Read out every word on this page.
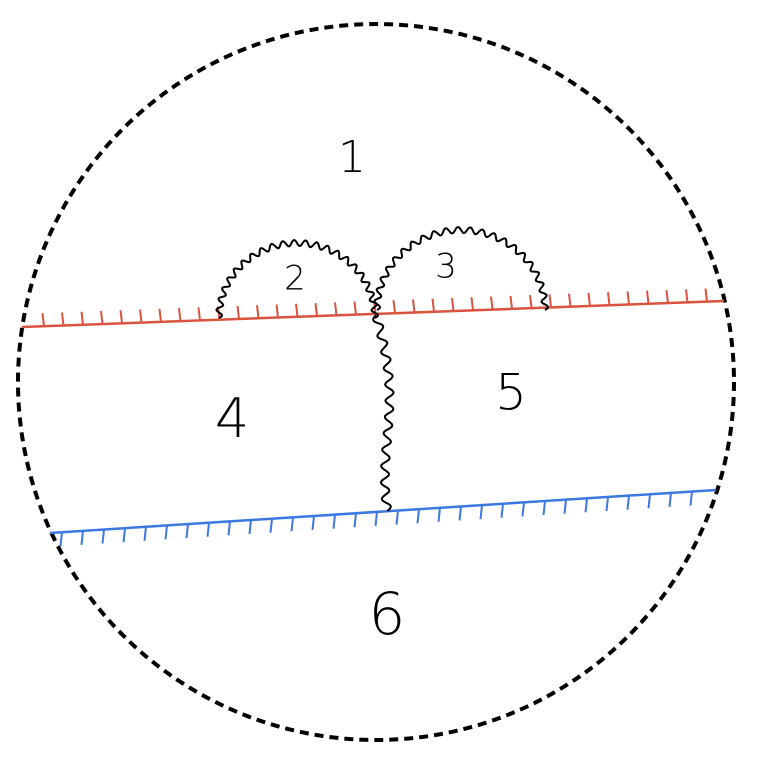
1
2	3
4	5
6
